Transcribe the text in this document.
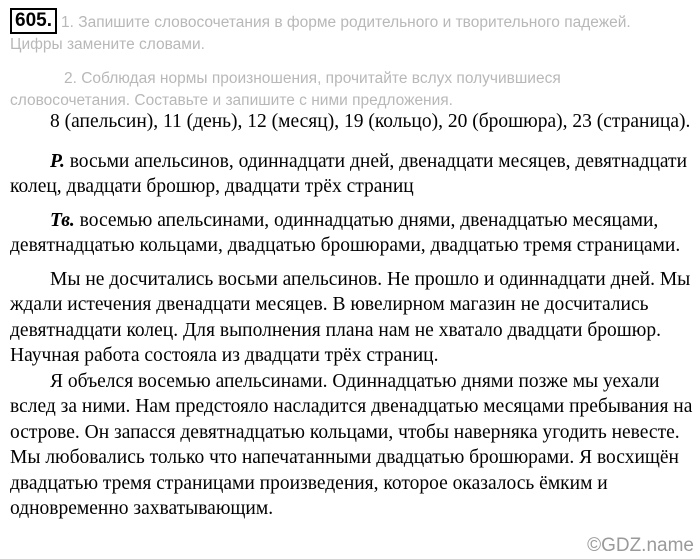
605. 1. Запишите словосочетания в форме родительного и творительного падежей. Цифры замените словами.

2. Соблюдая нормы произношения, прочитайте вслух получившиеся словосочетания. Составьте и запишите с ними предложения.

8 (апельсин), 11 (день), 12 (месяц), 19 (кольцо), 20 (брошюра), 23 (страница).

Р. восьми апельсинов, одиннадцати дней, двенадцати месяцев, девятнадцати колец, двадцати брошюр, двадцати трёх страниц

Тв. восемью апельсинами, одиннадцатью днями, двенадцатью месяцами, девятнадцатью кольцами, двадцатью брошюрами, двадцатью тремя страницами.

Мы не досчитались восьми апельсинов. Не прошло и одиннадцати дней. Мы ждали истечения двенадцати месяцев. В ювелирном магазин не досчитались девятнадцати колец. Для выполнения плана нам не хватало двадцати брошюр. Научная работа состояла из двадцати трёх страниц.

Я объелся восемью апельсинами. Одиннадцатью днями позже мы уехали вслед за ними. Нам предстояло насладится двенадцатью месяцами пребывания на острове. Он запасся девятнадцатью кольцами, чтобы наверняка угодить невесте. Мы любовались только что напечатанными двадцатью брошюрами. Я восхищён двадцатью тремя страницами произведения, которое оказалось ёмким и одновременно захватывающим.

©GDZ.name
